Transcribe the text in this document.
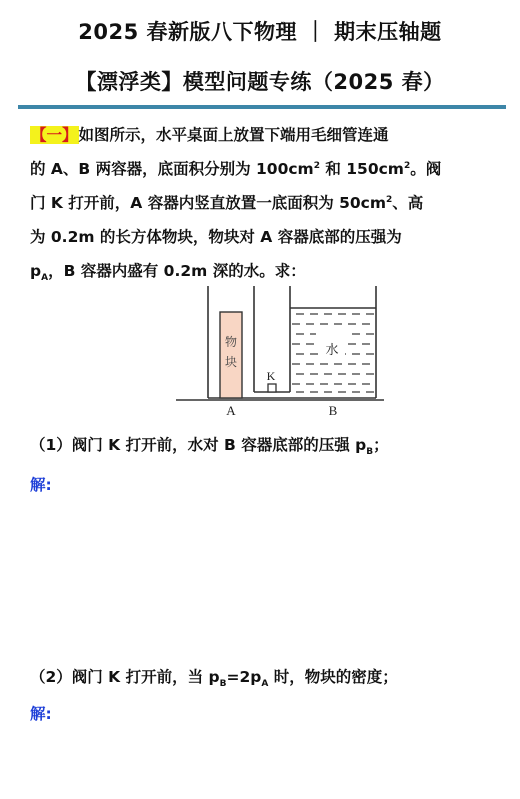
2025 春新版八下物理 ｜ 期末压轴题
【漂浮类】模型问题专练（2025 春）
【一】如图所示，水平桌面上放置下端用毛细管连通
的 A、B 两容器，底面积分别为 $100cm^2$ 和 $150cm^2$。阀
门 K 打开前，A 容器内竖直放置一底面积为 $50cm^2$、高
为 0.2m 的长方体物块，物块对 A 容器底部的压强为
$p_A$，B 容器内盛有 0.2m 深的水。求：
K
物
块
水
A	B
（1）阀门 K 打开前，水对 B 容器底部的压强 $p_B$；
解:
（2）阀门 K 打开前，当 $p_B=2p_A$ 时，物块的密度；
解:
